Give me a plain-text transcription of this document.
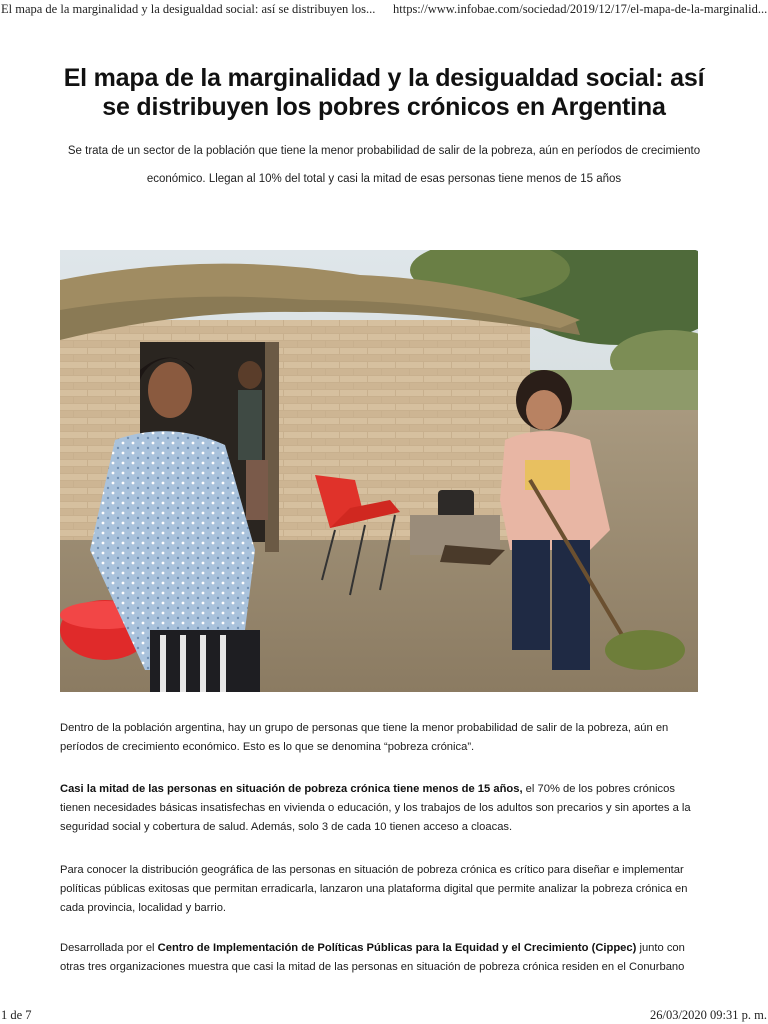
El mapa de la marginalidad y la desigualdad social: así se distribuyen los... https://www.infobae.com/sociedad/2019/12/17/el-mapa-de-la-marginalid...
El mapa de la marginalidad y la desigualdad social: así
se distribuyen los pobres crónicos en Argentina
Se trata de un sector de la población que tiene la menor probabilidad de salir de la pobreza, aún en períodos de crecimiento
económico. Llegan al 10% del total y casi la mitad de esas personas tiene menos de 15 años

Dentro de la población argentina, hay un grupo de personas que tiene la menor probabilidad de salir de la pobreza, aún en períodos de crecimiento económico. Esto es lo que se denomina “pobreza crónica”.

Casi la mitad de las personas en situación de pobreza crónica tiene menos de 15 años, el 70% de los pobres crónicos tienen necesidades básicas insatisfechas en vivienda o educación, y los trabajos de los adultos son precarios y sin aportes a la seguridad social y cobertura de salud. Además, solo 3 de cada 10 tienen acceso a cloacas.

Para conocer la distribución geográfica de las personas en situación de pobreza crónica es crítico para diseñar e implementar políticas públicas exitosas que permitan erradicarla, lanzaron una plataforma digital que permite analizar la pobreza crónica en cada provincia, localidad y barrio.

Desarrollada por el Centro de Implementación de Políticas Públicas para la Equidad y el Crecimiento (Cippec) junto con otras tres organizaciones muestra que casi la mitad de las personas en situación de pobreza crónica residen en el Conurbano

1 de 7	26/03/2020 09:31 p. m.
